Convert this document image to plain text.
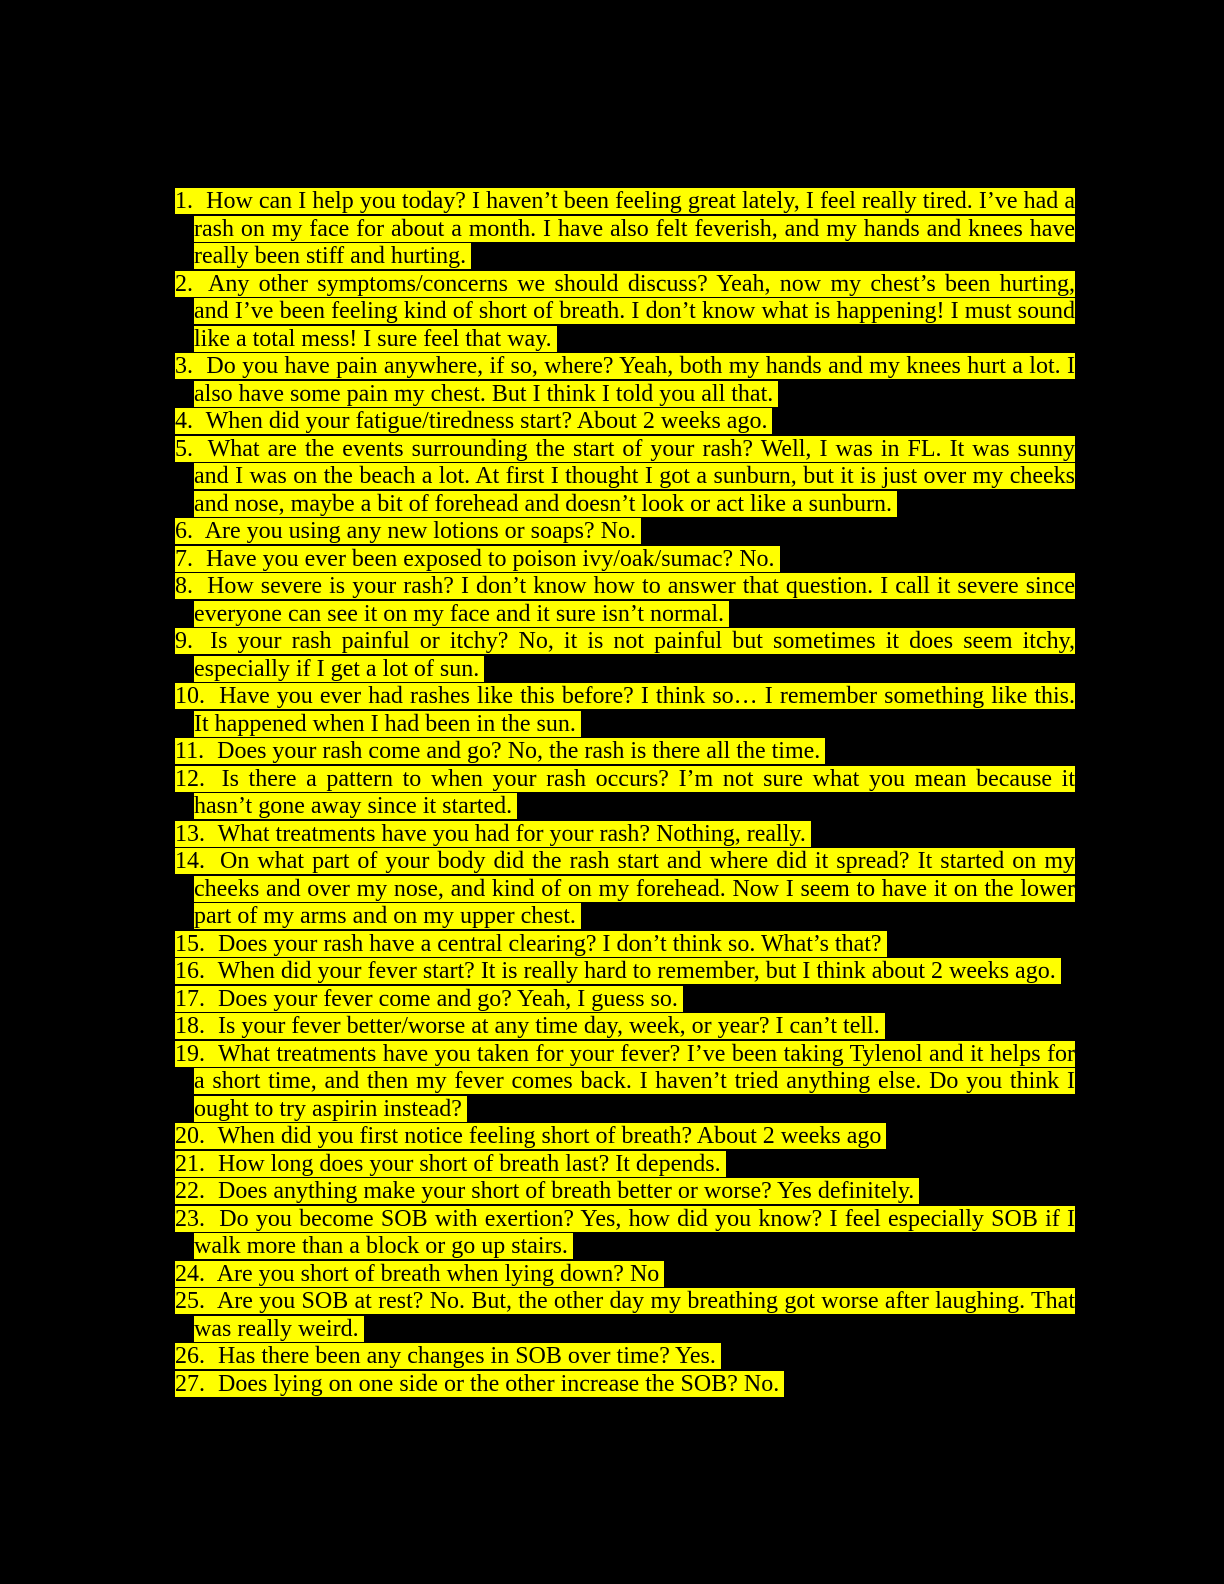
1. How can I help you today? I haven’t been feeling great lately, I feel really tired. I’ve had a rash on my face for about a month. I have also felt feverish, and my hands and knees have really been stiff and hurting.
2. Any other symptoms/concerns we should discuss? Yeah, now my chest’s been hurting, and I’ve been feeling kind of short of breath. I don’t know what is happening! I must sound like a total mess! I sure feel that way.
3. Do you have pain anywhere, if so, where? Yeah, both my hands and my knees hurt a lot. I also have some pain my chest. But I think I told you all that.
4. When did your fatigue/tiredness start? About 2 weeks ago.
5. What are the events surrounding the start of your rash? Well, I was in FL. It was sunny and I was on the beach a lot. At first I thought I got a sunburn, but it is just over my cheeks and nose, maybe a bit of forehead and doesn’t look or act like a sunburn.
6. Are you using any new lotions or soaps? No.
7. Have you ever been exposed to poison ivy/oak/sumac? No.
8. How severe is your rash? I don’t know how to answer that question. I call it severe since everyone can see it on my face and it sure isn’t normal.
9. Is your rash painful or itchy? No, it is not painful but sometimes it does seem itchy, especially if I get a lot of sun.
10. Have you ever had rashes like this before? I think so… I remember something like this. It happened when I had been in the sun.
11. Does your rash come and go? No, the rash is there all the time.
12. Is there a pattern to when your rash occurs? I’m not sure what you mean because it hasn’t gone away since it started.
13. What treatments have you had for your rash? Nothing, really.
14. On what part of your body did the rash start and where did it spread? It started on my cheeks and over my nose, and kind of on my forehead. Now I seem to have it on the lower part of my arms and on my upper chest.
15. Does your rash have a central clearing? I don’t think so. What’s that?
16. When did your fever start? It is really hard to remember, but I think about 2 weeks ago.
17. Does your fever come and go? Yeah, I guess so.
18. Is your fever better/worse at any time day, week, or year? I can’t tell.
19. What treatments have you taken for your fever? I’ve been taking Tylenol and it helps for a short time, and then my fever comes back. I haven’t tried anything else. Do you think I ought to try aspirin instead?
20. When did you first notice feeling short of breath? About 2 weeks ago
21. How long does your short of breath last? It depends.
22. Does anything make your short of breath better or worse? Yes definitely.
23. Do you become SOB with exertion? Yes, how did you know? I feel especially SOB if I walk more than a block or go up stairs.
24. Are you short of breath when lying down? No
25. Are you SOB at rest? No. But, the other day my breathing got worse after laughing. That was really weird.
26. Has there been any changes in SOB over time? Yes.
27. Does lying on one side or the other increase the SOB? No.
